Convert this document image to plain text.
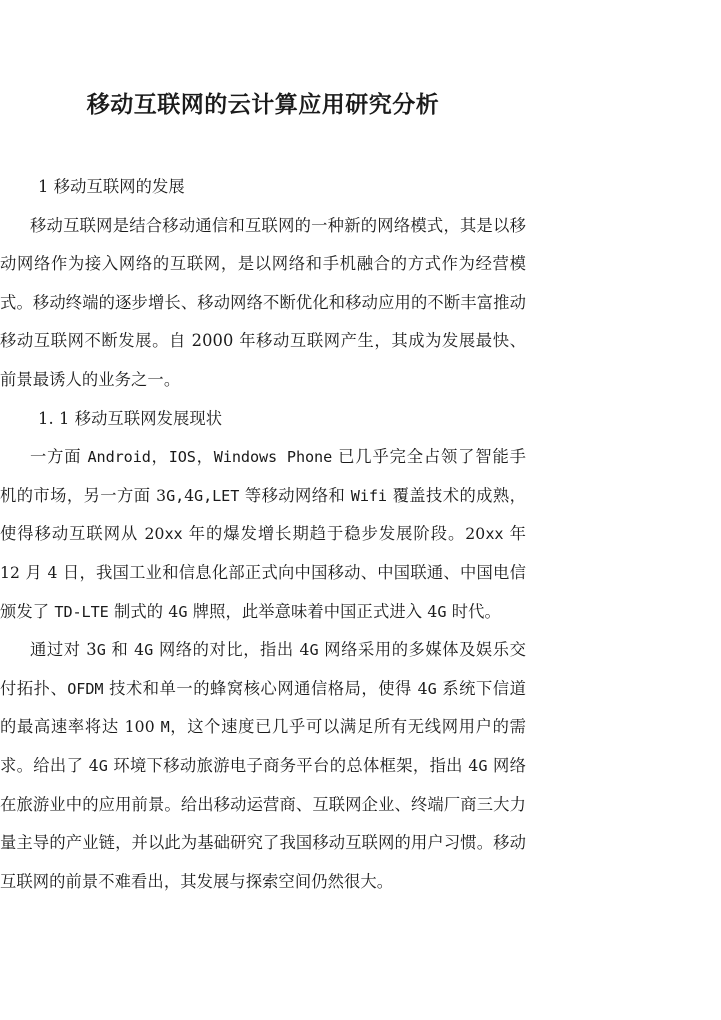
移动互联网的云计算应用研究分析

1 移动互联网的发展

移动互联网是结合移动通信和互联网的一种新的网络模式，其是以移动网络作为接入网络的互联网，是以网络和手机融合的方式作为经营模式。移动终端的逐步增长、移动网络不断优化和移动应用的不断丰富推动移动互联网不断发展。自 2000 年移动互联网产生，其成为发展最快、前景最诱人的业务之一。

1. 1 移动互联网发展现状

一方面 Android，IOS，Windows Phone 已几乎完全占领了智能手机的市场，另一方面 3G,4G,LET 等移动网络和 Wifi 覆盖技术的成熟，使得移动互联网从 20xx 年的爆发增长期趋于稳步发展阶段。20xx 年 12 月 4 日，我国工业和信息化部正式向中国移动、中国联通、中国电信颁发了 TD-LTE 制式的 4G 牌照，此举意味着中国正式进入 4G 时代。

通过对 3G 和 4G 网络的对比，指出 4G 网络采用的多媒体及娱乐交付拓扑、OFDM 技术和单一的蜂窝核心网通信格局，使得 4G 系统下信道的最高速率将达 100 M，这个速度已几乎可以满足所有无线网用户的需求。给出了 4G 环境下移动旅游电子商务平台的总体框架，指出 4G 网络在旅游业中的应用前景。给出移动运营商、互联网企业、终端厂商三大力量主导的产业链，并以此为基础研究了我国移动互联网的用户习惯。移动互联网的前景不难看出，其发展与探索空间仍然很大。
